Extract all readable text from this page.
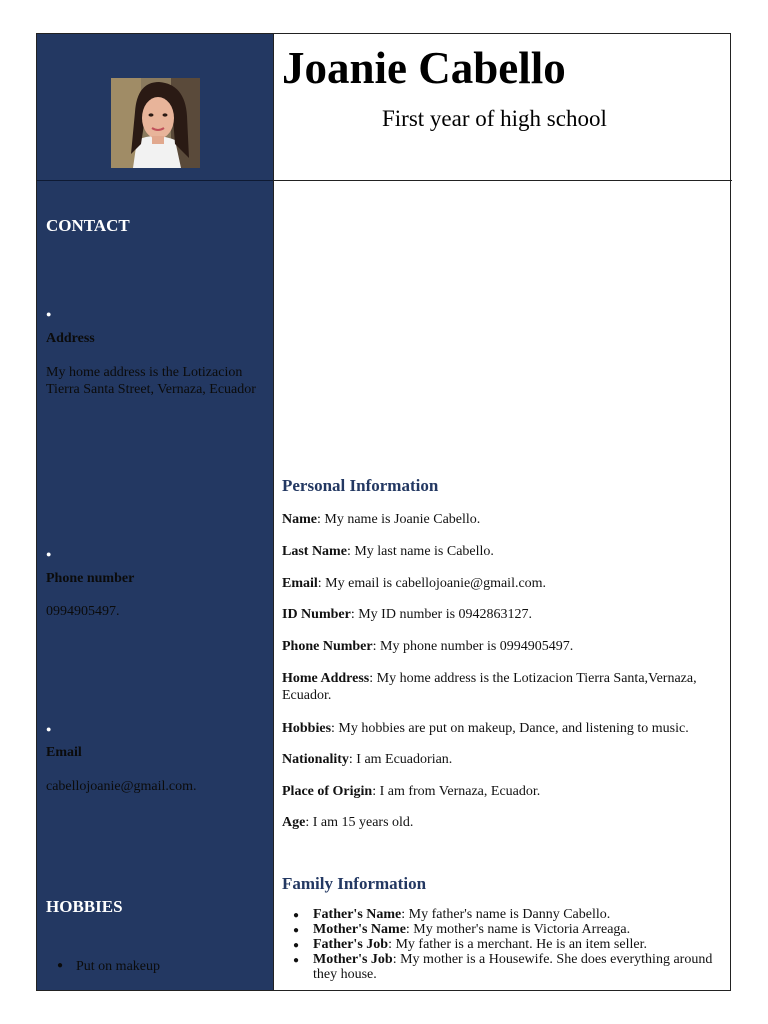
CONTACT
●
Address
My home address is the Lotizacion Tierra Santa Street, Vernaza, Ecuador
●
Phone number
0994905497.
●
Email
cabellojoanie@gmail.com.
HOBBIES
● Put on makeup
Joanie Cabello
First year of high school
Personal Information
Name: My name is Joanie Cabello.
Last Name: My last name is Cabello.
Email: My email is cabellojoanie@gmail.com.
ID Number: My ID number is 0942863127.
Phone Number: My phone number is 0994905497.
Home Address: My home address is the Lotizacion Tierra Santa,Vernaza, Ecuador.
Hobbies: My hobbies are put on makeup, Dance, and listening to music.
Nationality: I am Ecuadorian.
Place of Origin: I am from Vernaza, Ecuador.
Age: I am 15 years old.
Family Information
● Father's Name: My father's name is Danny Cabello.
● Mother's Name: My mother's name is Victoria Arreaga.
● Father's Job: My father is a merchant. He is an item seller.
● Mother's Job: My mother is a Housewife. She does everything around they house.
